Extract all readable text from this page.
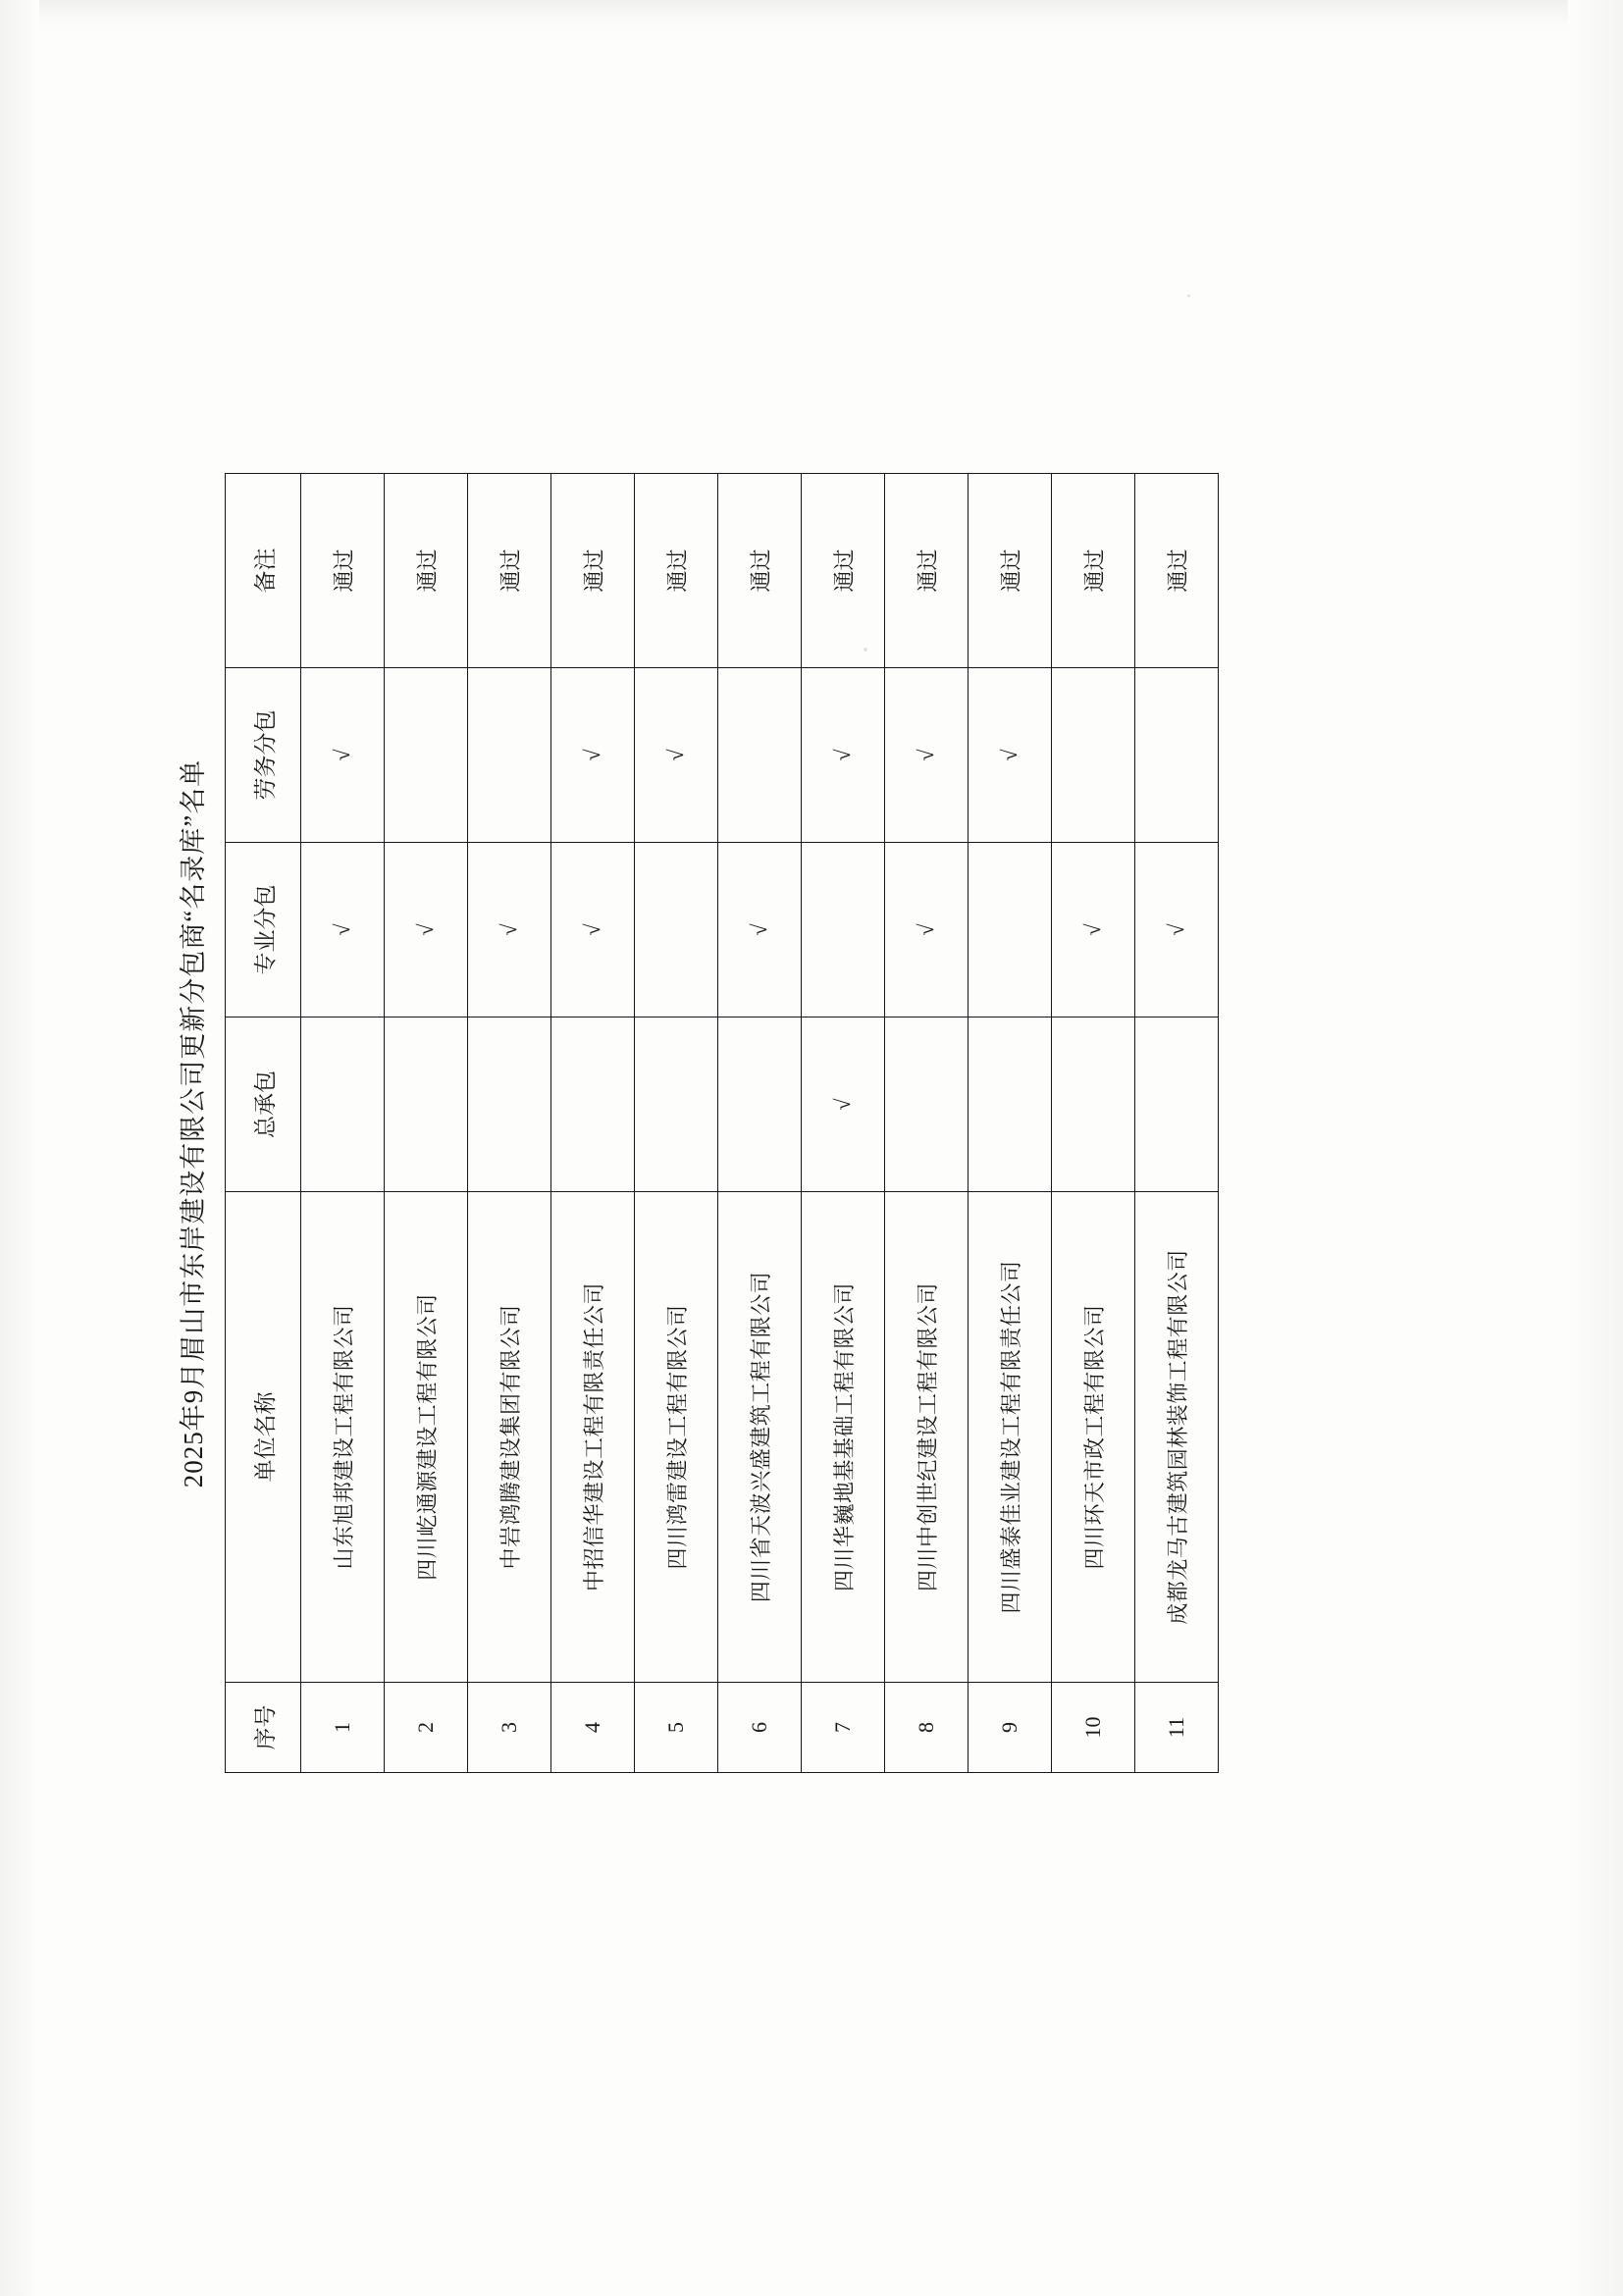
2025年9月眉山市东岸建设有限公司更新分包商“名录库”名单
序号	单位名称	总承包	专业分包	劳务分包	备注
1	山东旭邦建设工程有限公司		√	√	通过
2	四川屹通源建设工程有限公司		√		通过
3	中岩鸿腾建设集团有限公司		√		通过
4	中招信华建设工程有限责任公司		√	√	通过
5	四川鸿雷建设工程有限公司			√	通过
6	四川省天波兴盛建筑工程有限公司		√		通过
7	四川华巍地基基础工程有限公司	√		√	通过
8	四川中创世纪建设工程有限公司		√	√	通过
9	四川盛泰佳业建设工程有限责任公司			√	通过
10	四川环天市政工程有限公司		√		通过
11	成都龙马古建筑园林装饰工程有限公司		√		通过
